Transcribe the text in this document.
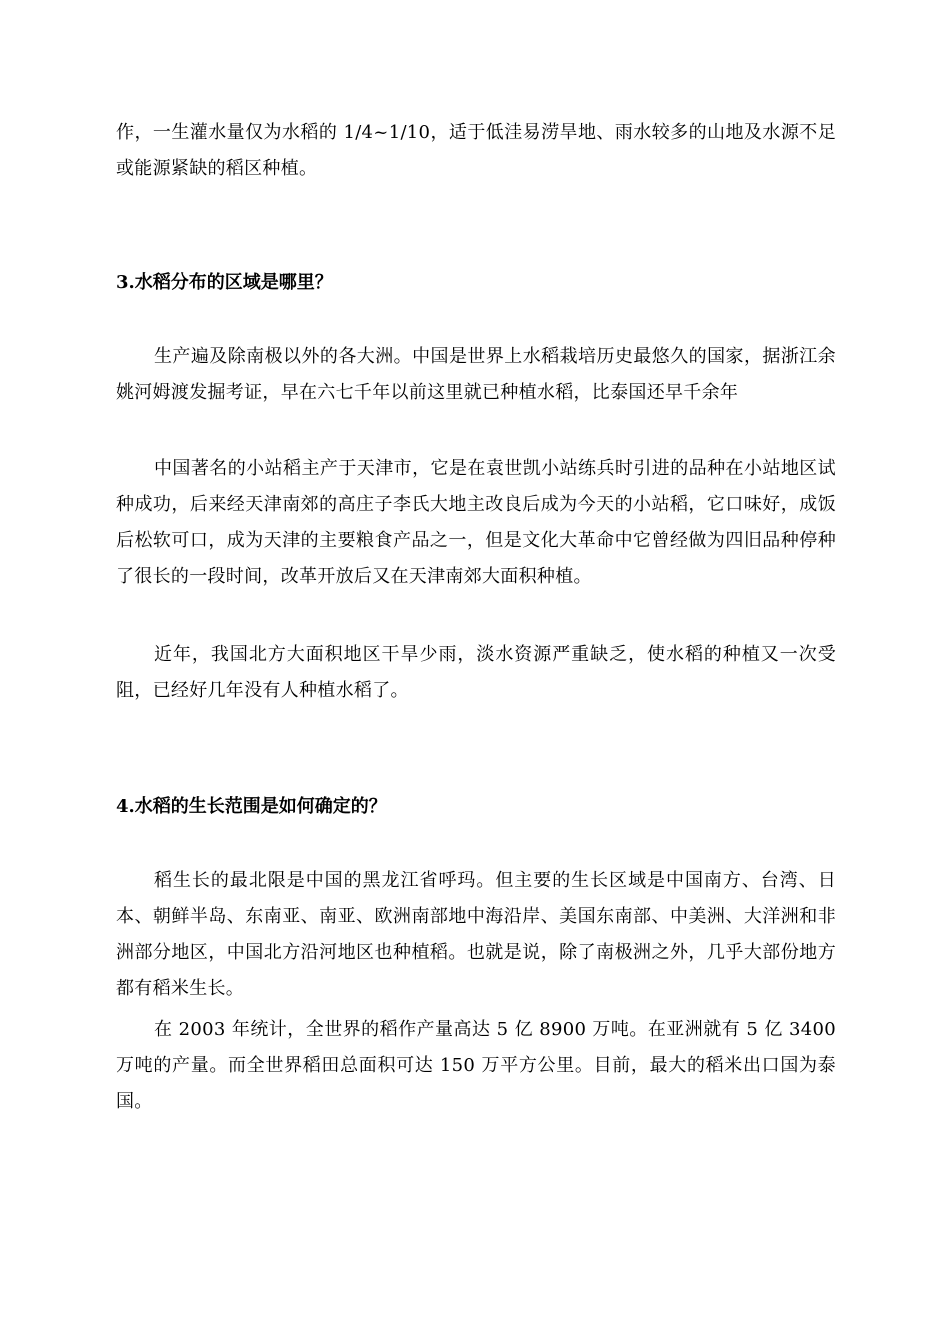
作，一生灌水量仅为水稻的 1/4~1/10，适于低洼易涝旱地、雨水较多的山地及水源不足或能源紧缺的稻区种植。

3.水稻分布的区域是哪里？

生产遍及除南极以外的各大洲。中国是世界上水稻栽培历史最悠久的国家，据浙江余姚河姆渡发掘考证，早在六七千年以前这里就已种植水稻，比泰国还早千余年

中国著名的小站稻主产于天津市，它是在袁世凯小站练兵时引进的品种在小站地区试种成功，后来经天津南郊的高庄子李氏大地主改良后成为今天的小站稻，它口味好，成饭后松软可口，成为天津的主要粮食产品之一，但是文化大革命中它曾经做为四旧品种停种了很长的一段时间，改革开放后又在天津南郊大面积种植。

近年，我国北方大面积地区干旱少雨，淡水资源严重缺乏，使水稻的种植又一次受阻，已经好几年没有人种植水稻了。

4.水稻的生长范围是如何确定的？

稻生长的最北限是中国的黑龙江省呼玛。但主要的生长区域是中国南方、台湾、日本、朝鲜半岛、东南亚、南亚、欧洲南部地中海沿岸、美国东南部、中美洲、大洋洲和非洲部分地区，中国北方沿河地区也种植稻。也就是说，除了南极洲之外，几乎大部份地方都有稻米生长。

在 2003 年统计，全世界的稻作产量高达 5 亿 8900 万吨。在亚洲就有 5 亿 3400 万吨的产量。而全世界稻田总面积可达 150 万平方公里。目前，最大的稻米出口国为泰国。
